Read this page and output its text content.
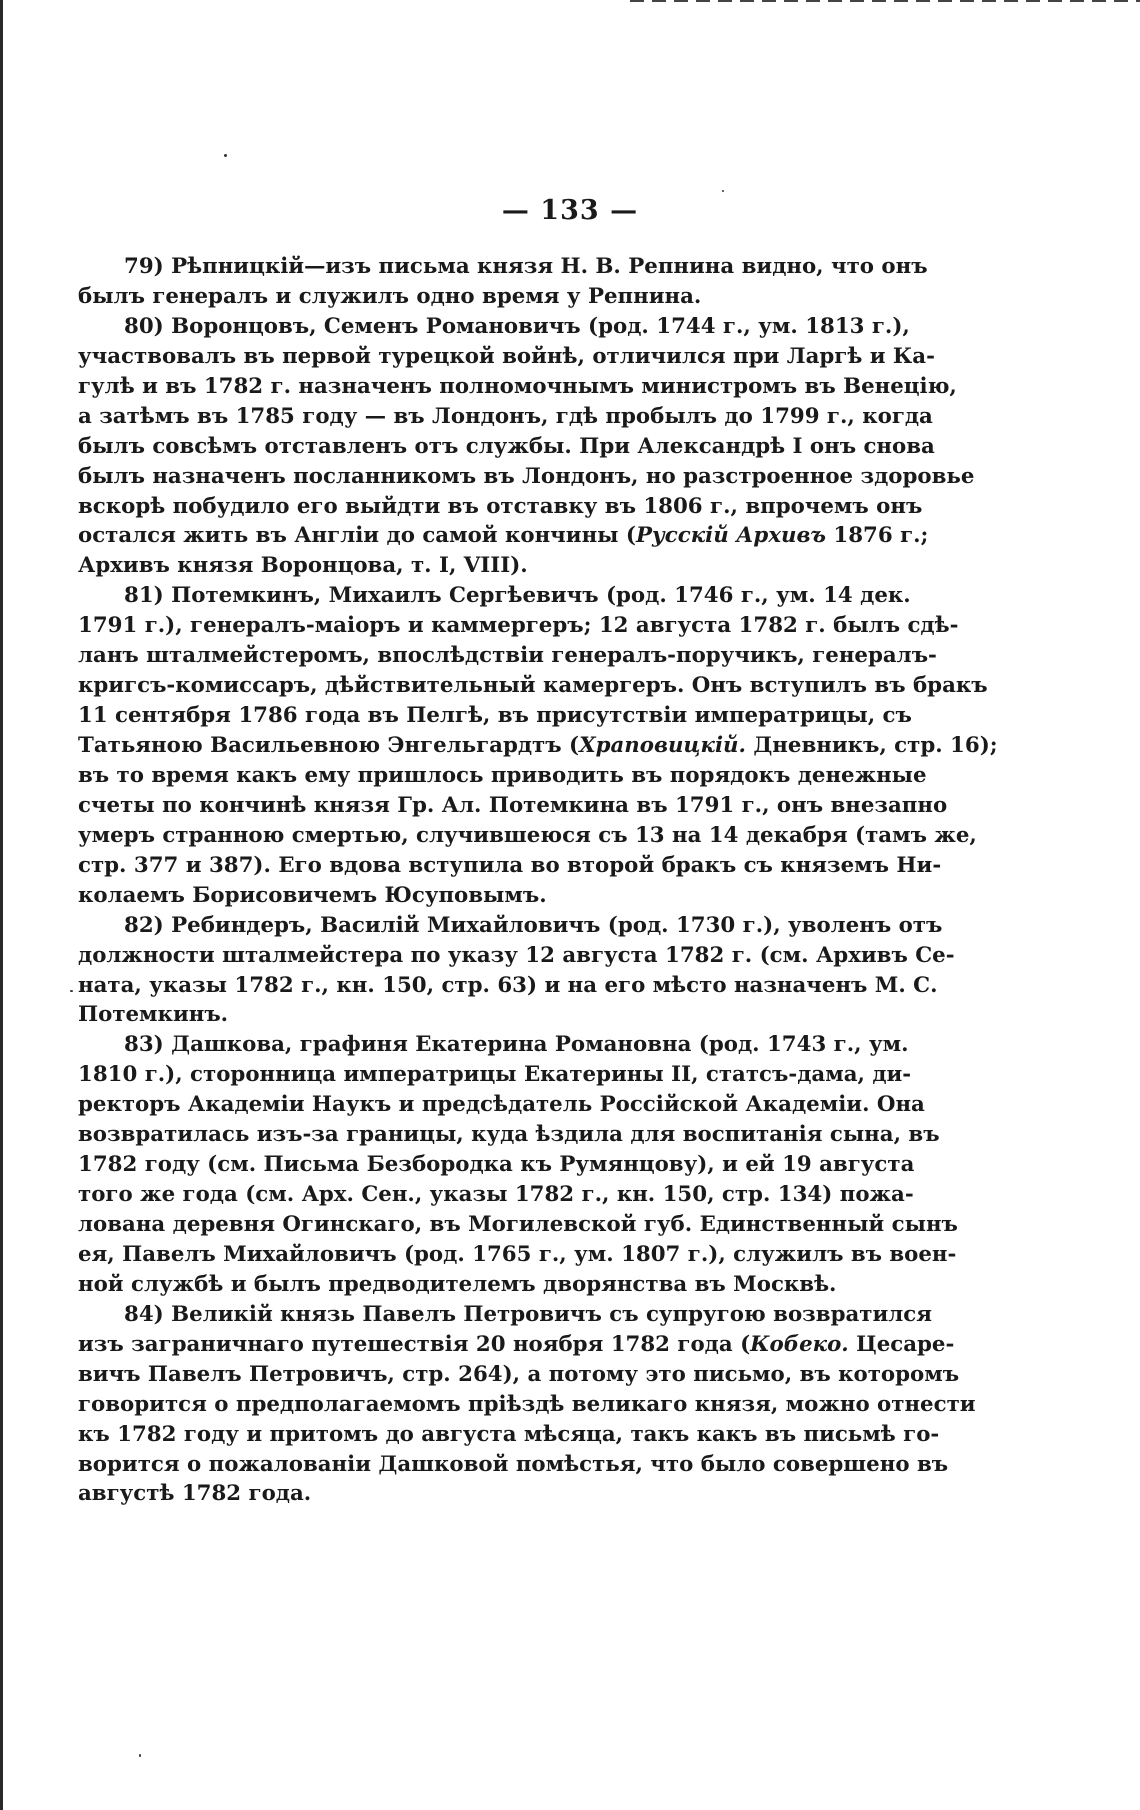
— 133 —
79) Рѣпницкій—изъ письма князя Н. В. Репнина видно, что онъ
былъ генералъ и служилъ одно время у Репнина.
80) Воронцовъ, Семенъ Романовичъ (род. 1744 г., ум. 1813 г.),
участвовалъ въ первой турецкой войнѣ, отличился при Ларгѣ и Ка-
гулѣ и въ 1782 г. назначенъ полномочнымъ министромъ въ Венецію,
а затѣмъ въ 1785 году — въ Лондонъ, гдѣ пробылъ до 1799 г., когда
былъ совсѣмъ отставленъ отъ службы. При Александрѣ I онъ снова
былъ назначенъ посланникомъ въ Лондонъ, но разстроенное здоровье
вскорѣ побудило его выйдти въ отставку въ 1806 г., впрочемъ онъ
остался жить въ Англіи до самой кончины (Русскій Архивъ 1876 г.;
Архивъ князя Воронцова, т. I, VIII).
81) Потемкинъ, Михаилъ Сергѣевичъ (род. 1746 г., ум. 14 дек.
1791 г.), генералъ-маіоръ и каммергеръ; 12 августа 1782 г. былъ сдѣ-
ланъ шталмейстеромъ, впослѣдствіи генералъ-поручикъ, генералъ-
кригсъ-комиссаръ, дѣйствительный камергеръ. Онъ вступилъ въ бракъ
11 сентября 1786 года въ Пелгѣ, въ присутствіи императрицы, съ
Татьяною Васильевною Энгельгардтъ (Храповицкій. Дневникъ, стр. 16);
въ то время какъ ему пришлось приводить въ порядокъ денежные
счеты по кончинѣ князя Гр. Ал. Потемкина въ 1791 г., онъ внезапно
умеръ странною смертью, случившеюся съ 13 на 14 декабря (тамъ же,
стр. 377 и 387). Его вдова вступила во второй бракъ съ княземъ Ни-
колаемъ Борисовичемъ Юсуповымъ.
82) Ребиндеръ, Василій Михайловичъ (род. 1730 г.), уволенъ отъ
должности шталмейстера по указу 12 августа 1782 г. (см. Архивъ Се-
ната, указы 1782 г., кн. 150, стр. 63) и на его мѣсто назначенъ М. С.
Потемкинъ.
83) Дашкова, графиня Екатерина Романовна (род. 1743 г., ум.
1810 г.), сторонница императрицы Екатерины II, статсъ-дама, ди-
ректоръ Академіи Наукъ и предсѣдатель Россійской Академіи. Она
возвратилась изъ-за границы, куда ѣздила для воспитанія сына, въ
1782 году (см. Письма Безбородка къ Румянцову), и ей 19 августа
того же года (см. Арх. Сен., указы 1782 г., кн. 150, стр. 134) пожа-
лована деревня Огинскаго, въ Могилевской губ. Единственный сынъ
ея, Павелъ Михайловичъ (род. 1765 г., ум. 1807 г.), служилъ въ воен-
ной службѣ и былъ предводителемъ дворянства въ Москвѣ.
84) Великій князь Павелъ Петровичъ съ супругою возвратился
изъ заграничнаго путешествія 20 ноября 1782 года (Кобеко. Цесаре-
вичъ Павелъ Петровичъ, стр. 264), а потому это письмо, въ которомъ
говорится о предполагаемомъ пріѣздѣ великаго князя, можно отнести
къ 1782 году и притомъ до августа мѣсяца, такъ какъ въ письмѣ го-
ворится о пожалованіи Дашковой помѣстья, что было совершено въ
августѣ 1782 года.
